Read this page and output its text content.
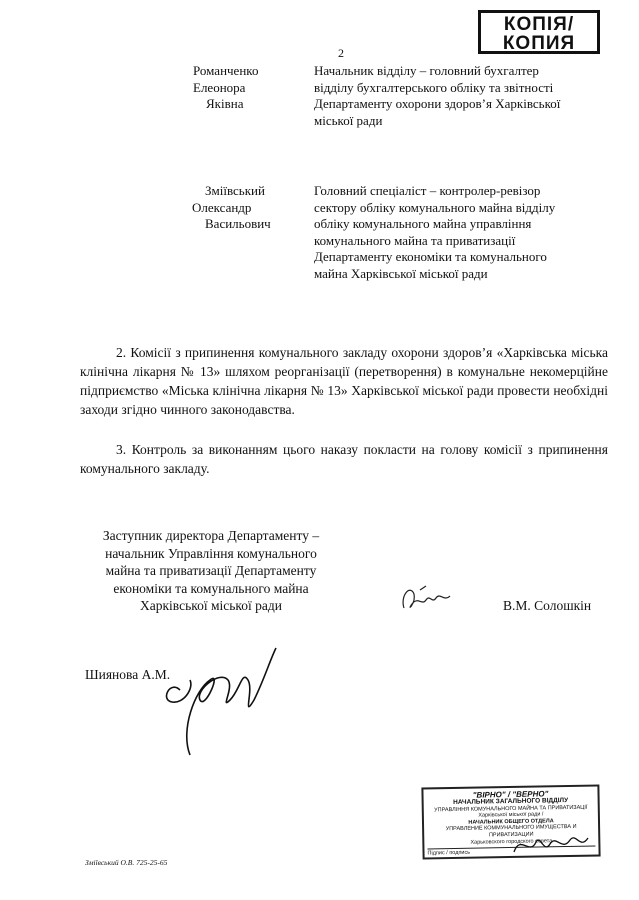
КОПІЯ/
КОПИЯ
2
Романченко
Елеонора
Яківна
Начальник відділу – головний бухгалтер
відділу бухгалтерського обліку та звітності
Департаменту охорони здоров’я Харківської
міської ради
Зміївський
Олександр
Васильович
Головний спеціаліст – контролер-ревізор
сектору обліку комунального майна відділу
обліку комунального майна управління
комунального майна та приватизації
Департаменту економіки та комунального
майна Харківської міської ради
2. Комісії з припинення комунального закладу охорони здоров’я «Харківська міська клінічна лікарня № 13» шляхом реорганізації (перетворення) в комунальне некомерційне підприємство «Міська клінічна лікарня № 13» Харківської міської ради провести необхідні заходи згідно чинного законодавства.
3. Контроль за виконанням цього наказу покласти на голову комісії з припинення комунального закладу.
Заступник директора Департаменту –
начальник Управління комунального
майна та приватизації Департаменту
економіки та комунального майна
Харківської міської ради	В.М. Солошкін
Шиянова А.М.
Зміївський О.В. 725-25-65
"ВІРНО" / "ВЕРНО"
НАЧАЛЬНИК ЗАГАЛЬНОГО ВІДДІЛУ
УПРАВЛІННЯ КОМУНАЛЬНОГО МАЙНА ТА ПРИВАТИЗАЦІЇ
Харківської міської ради /
НАЧАЛЬНИК ОБЩЕГО ОТДЕЛА
УПРАВЛЕНИЕ КОММУНАЛЬНОГО ИМУЩЕСТВА И ПРИВАТИЗАЦИИ
Харьковского городского совета
Підпис / подпись
